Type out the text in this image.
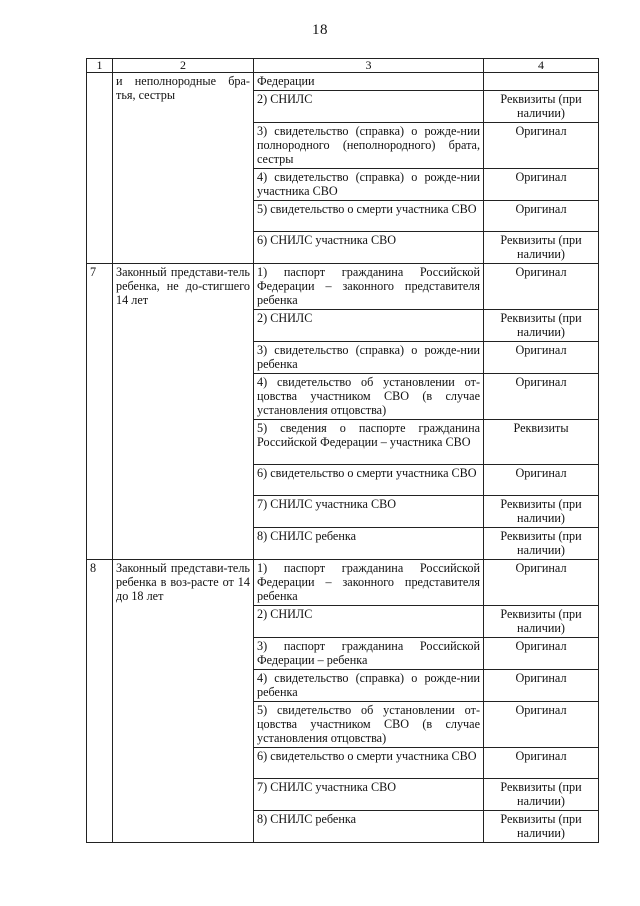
18
1	2	3	4
	и неполнородные бра-тья, сестры	Федерации	
		2) СНИЛС	Реквизиты (при наличии)
		3) свидетельство (справка) о рожде-нии полнородного (неполнородного) брата, сестры	Оригинал
		4) свидетельство (справка) о рожде-нии участника СВО	Оригинал
		5) свидетельство о смерти участника СВО	Оригинал
		6) СНИЛС участника СВО	Реквизиты (при наличии)
7	Законный представи-тель ребенка, не до-стигшего 14 лет	1) паспорт гражданина Российской Федерации – законного представителя ребенка	Оригинал
		2) СНИЛС	Реквизиты (при наличии)
		3) свидетельство (справка) о рожде-нии ребенка	Оригинал
		4) свидетельство об установлении от-цовства участником СВО (в случае установления отцовства)	Оригинал
		5) сведения о паспорте гражданина Российской Федерации – участника СВО	Реквизиты
		6) свидетельство о смерти участника СВО	Оригинал
		7) СНИЛС участника СВО	Реквизиты (при наличии)
		8) СНИЛС ребенка	Реквизиты (при наличии)
8	Законный представи-тель ребенка в воз-расте от 14 до 18 лет	1) паспорт гражданина Российской Федерации – законного представителя ребенка	Оригинал
		2) СНИЛС	Реквизиты (при наличии)
		3) паспорт гражданина Российской Федерации – ребенка	Оригинал
		4) свидетельство (справка) о рожде-нии ребенка	Оригинал
		5) свидетельство об установлении от-цовства участником СВО (в случае установления отцовства)	Оригинал
		6) свидетельство о смерти участника СВО	Оригинал
		7) СНИЛС участника СВО	Реквизиты (при наличии)
		8) СНИЛС ребенка	Реквизиты (при наличии)
